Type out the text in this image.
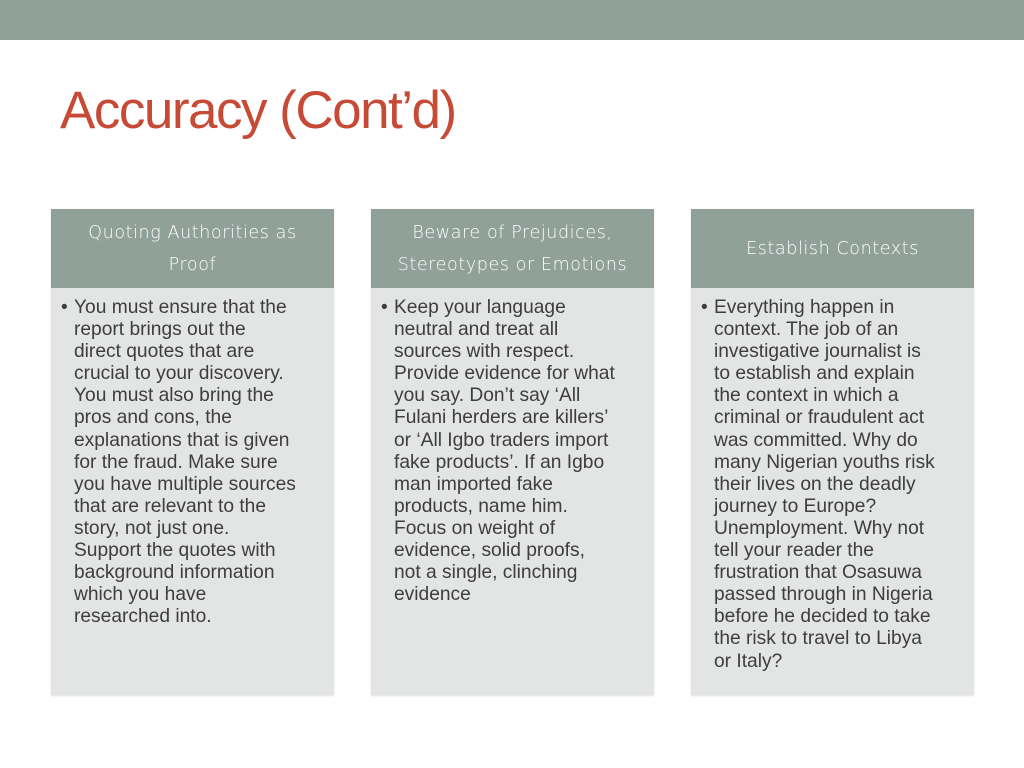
Accuracy (Cont’d)
Quoting Authorities as
Proof
• You must ensure that the
report brings out the
direct quotes that are
crucial to your discovery.
You must also bring the
pros and cons, the
explanations that is given
for the fraud. Make sure
you have multiple sources
that are relevant to the
story, not just one.
Support the quotes with
background information
which you have
researched into.
Beware of Prejudices,
Stereotypes or Emotions
• Keep your language
neutral and treat all
sources with respect.
Provide evidence for what
you say. Don’t say ‘All
Fulani herders are killers’
or ‘All Igbo traders import
fake products’. If an Igbo
man imported fake
products, name him.
Focus on weight of
evidence, solid proofs,
not a single, clinching
evidence
Establish Contexts
• Everything happen in
context. The job of an
investigative journalist is
to establish and explain
the context in which a
criminal or fraudulent act
was committed. Why do
many Nigerian youths risk
their lives on the deadly
journey to Europe?
Unemployment. Why not
tell your reader the
frustration that Osasuwa
passed through in Nigeria
before he decided to take
the risk to travel to Libya
or Italy?
